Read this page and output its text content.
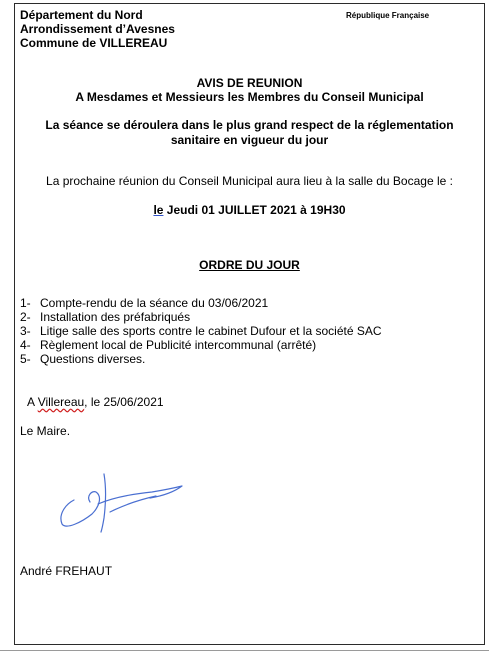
Département du Nord
Arrondissement d’Avesnes
Commune de VILLEREAU
République Française
AVIS DE REUNION
A Mesdames et Messieurs les Membres du Conseil Municipal
La séance se déroulera dans le plus grand respect de la réglementation
sanitaire en vigueur du jour
La prochaine réunion du Conseil Municipal aura lieu à la salle du Bocage le :
le Jeudi 01 JUILLET 2021 à 19H30
ORDRE DU JOUR
1- Compte-rendu de la séance du 03/06/2021
2- Installation des préfabriqués
3- Litige salle des sports contre le cabinet Dufour et la société SAC
4- Règlement local de Publicité intercommunal (arrêté)
5- Questions diverses.
A Villereau, le 25/06/2021
Le Maire.
André FREHAUT
